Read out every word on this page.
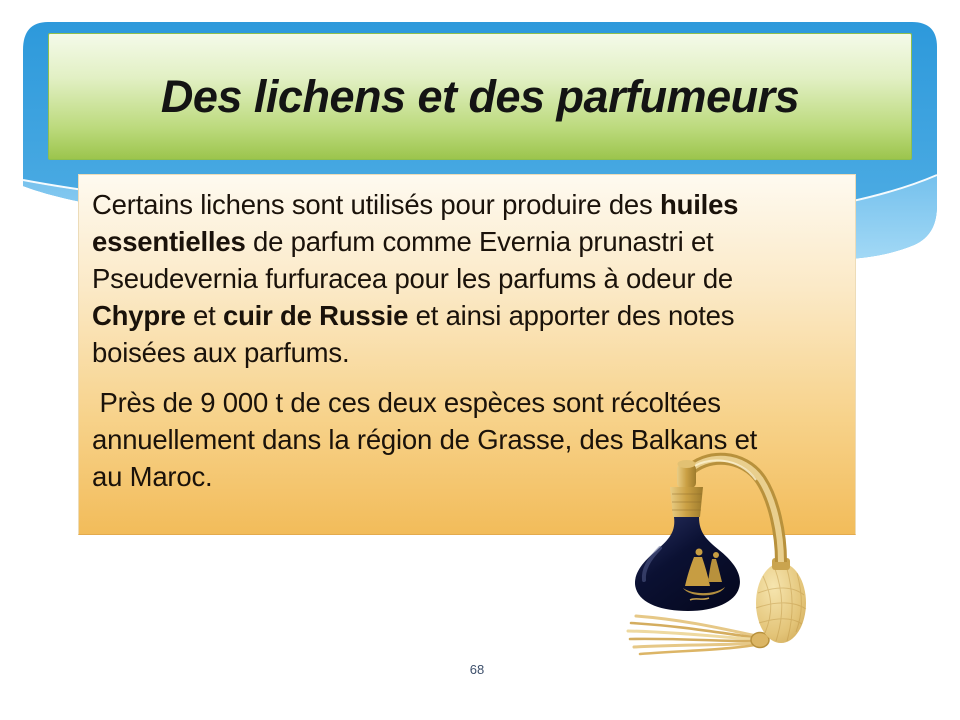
Des lichens et des parfumeurs
Certains lichens sont utilisés pour produire des huiles
essentielles de parfum comme Evernia prunastri et
Pseudevernia furfuracea pour les parfums à odeur de
Chypre et cuir de Russie et ainsi apporter des notes
boisées aux parfums.
Près de 9 000 t de ces deux espèces sont récoltées
annuellement dans la région de Grasse, des Balkans et
au Maroc.
68
